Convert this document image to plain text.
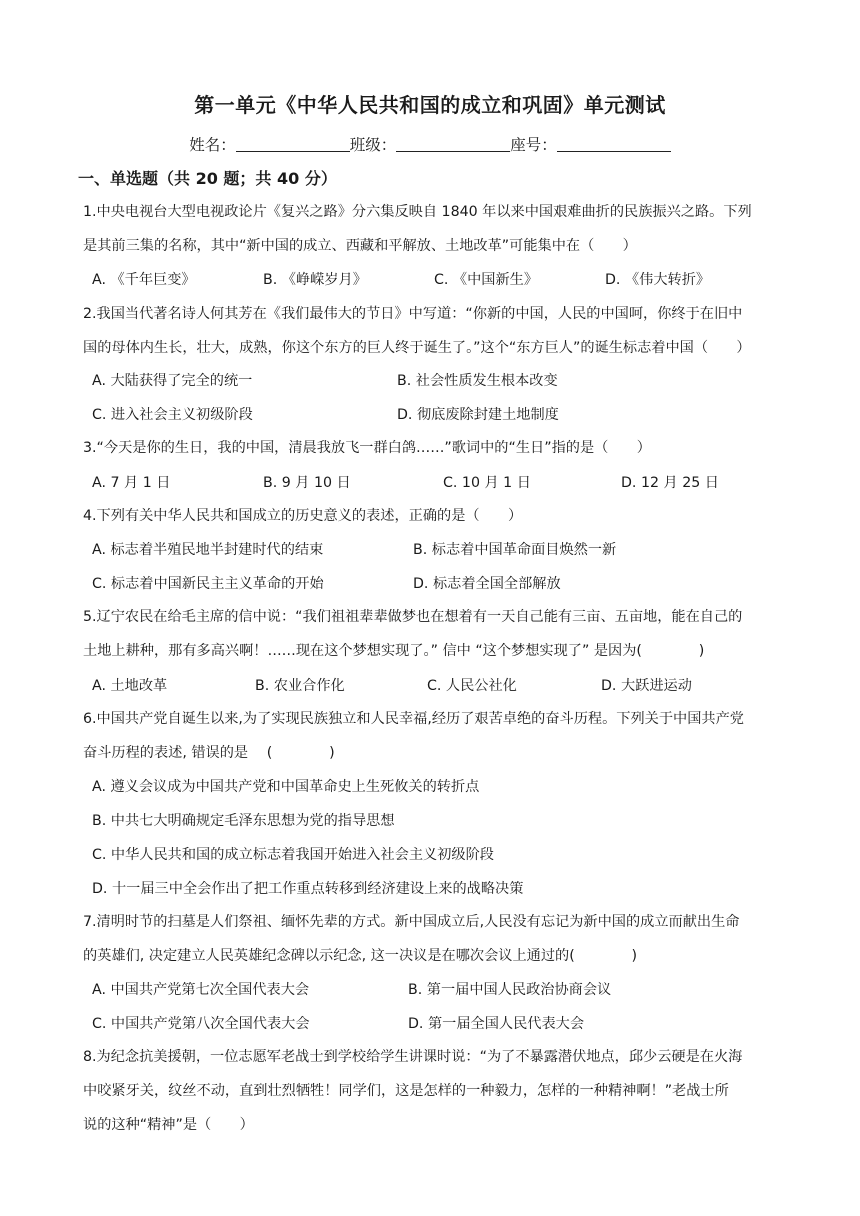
第一单元《中华人民共和国的成立和巩固》单元测试
姓名：	班级：	座号：
一、单选题（共 20 题；共 40 分）
1.中央电视台大型电视政论片《复兴之路》分六集反映自 1840 年以来中国艰难曲折的民族振兴之路。下列
是其前三集的名称，其中“新中国的成立、西藏和平解放、土地改革”可能集中在（　　）
A. 《千年巨变》	B. 《峥嵘岁月》	C. 《中国新生》	D. 《伟大转折》
2.我国当代著名诗人何其芳在《我们最伟大的节日》中写道：“你新的中国，人民的中国呵，你终于在旧中
国的母体内生长，壮大，成熟，你这个东方的巨人终于诞生了。”这个“东方巨人”的诞生标志着中国（　　）
A. 大陆获得了完全的统一	B. 社会性质发生根本改变
C. 进入社会主义初级阶段	D. 彻底废除封建土地制度
3.“今天是你的生日，我的中国，清晨我放飞一群白鸽……”歌词中的“生日”指的是（　　）
A. 7 月 1 日	B. 9 月 10 日	C. 10 月 1 日	D. 12 月 25 日
4.下列有关中华人民共和国成立的历史意义的表述，正确的是（　　）
A. 标志着半殖民地半封建时代的结束	B. 标志着中国革命面目焕然一新
C. 标志着中国新民主主义革命的开始	D. 标志着全国全部解放
5.辽宁农民在给毛主席的信中说：“我们祖祖辈辈做梦也在想着有一天自己能有三亩、五亩地，能在自己的
土地上耕种，那有多高兴啊！……现在这个梦想实现了。” 信中 “这个梦想实现了” 是因为(　　　　)
A. 土地改革	B. 农业合作化	C. 人民公社化	D. 大跃进运动
6.中国共产党自诞生以来,为了实现民族独立和人民幸福,经历了艰苦卓绝的奋斗历程。下列关于中国共产党
奋斗历程的表述, 错误的是　 (　　　　)
A. 遵义会议成为中国共产党和中国革命史上生死攸关的转折点
B. 中共七大明确规定毛泽东思想为党的指导思想
C. 中华人民共和国的成立标志着我国开始进入社会主义初级阶段
D. 十一届三中全会作出了把工作重点转移到经济建设上来的战略决策
7.清明时节的扫墓是人们祭祖、缅怀先辈的方式。新中国成立后,人民没有忘记为新中国的成立而献出生命
的英雄们, 决定建立人民英雄纪念碑以示纪念, 这一决议是在哪次会议上通过的(　　　　)
A. 中国共产党第七次全国代表大会	B. 第一届中国人民政治协商会议
C. 中国共产党第八次全国代表大会	D. 第一届全国人民代表大会
8.为纪念抗美援朝，一位志愿军老战士到学校给学生讲课时说：“为了不暴露潜伏地点，邱少云硬是在火海
中咬紧牙关，纹丝不动，直到壮烈牺牲！同学们，这是怎样的一种毅力，怎样的一种精神啊！”老战士所
说的这种“精神”是（　　）
